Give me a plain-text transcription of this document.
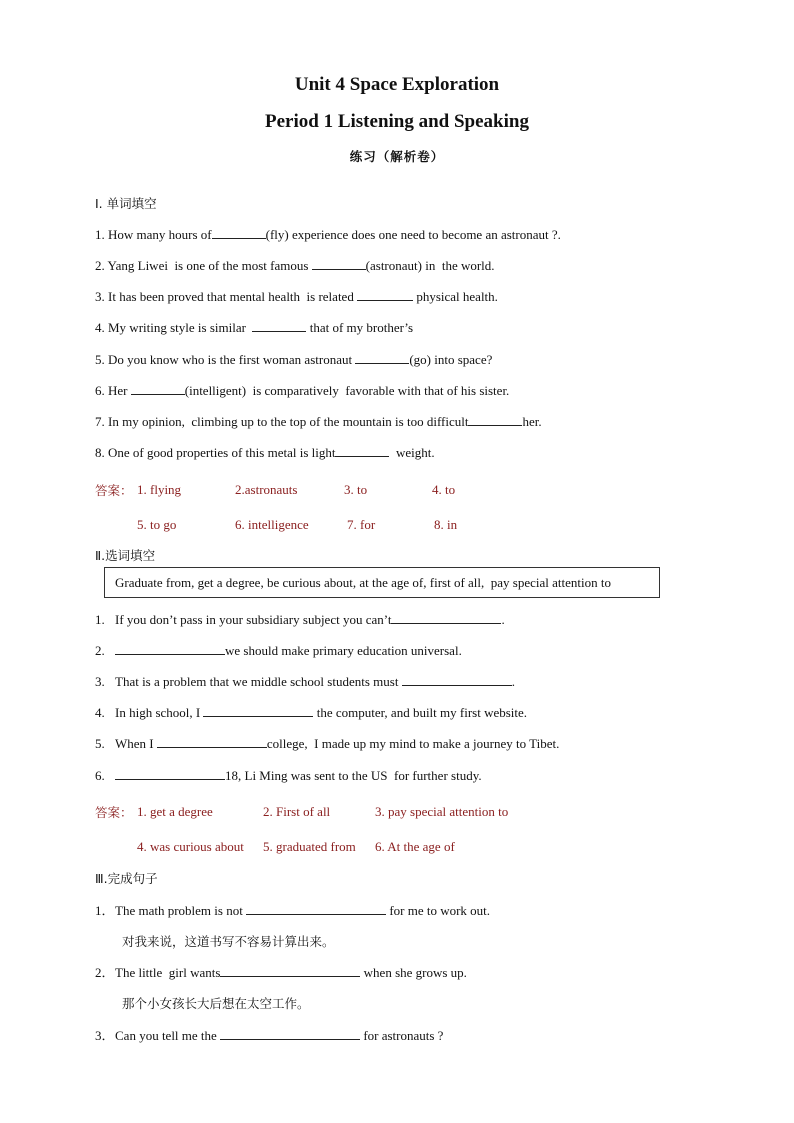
Unit 4 Space Exploration
Period 1 Listening and Speaking
练习（解析卷）
Ⅰ. 单词填空
1. How many hours of	(fly) experience does one need to become an astronaut ?.
2. Yang Liwei  is one of the most famous	(astronaut) in  the world.
3. It has been proved that mental health  is related	physical health.
4. My writing style is similar	that of my brother’s
5. Do you know who is the first woman astronaut	(go) into space?
6. Her	(intelligent)  is comparatively  favorable with that of his sister.
7. In my opinion,  climbing up to the top of the mountain is too difficult	her.
8. One of good properties of this metal is light	weight.
答案： 1. flying	2.astronauts	3. to	4. to
5. to go	6. intelligence	7. for	8. in
Ⅱ.选词填空
Graduate from, get a degree, be curious about, at the age of, first of all,  pay special attention to
1. If you don’t pass in your subsidiary subject you can’t	.
2.	we should make primary education universal.
3. That is a problem that we middle school students must	.
4. In high school, I	the computer, and built my first website.
5. When I	college,  I made up my mind to make a journey to Tibet.
6.	18, Li Ming was sent to the US  for further study.
答案： 1. get a degree	2. First of all	3. pay special attention to
4. was curious about 5. graduated from 6. At the age of
Ⅲ.完成句子
1．The math problem is not	for me to work out.
对我来说，这道书写不容易计算出来。
2．The little  girl wants	when she grows up.
那个小女孩长大后想在太空工作。
3．Can you tell me the	for astronauts ?
